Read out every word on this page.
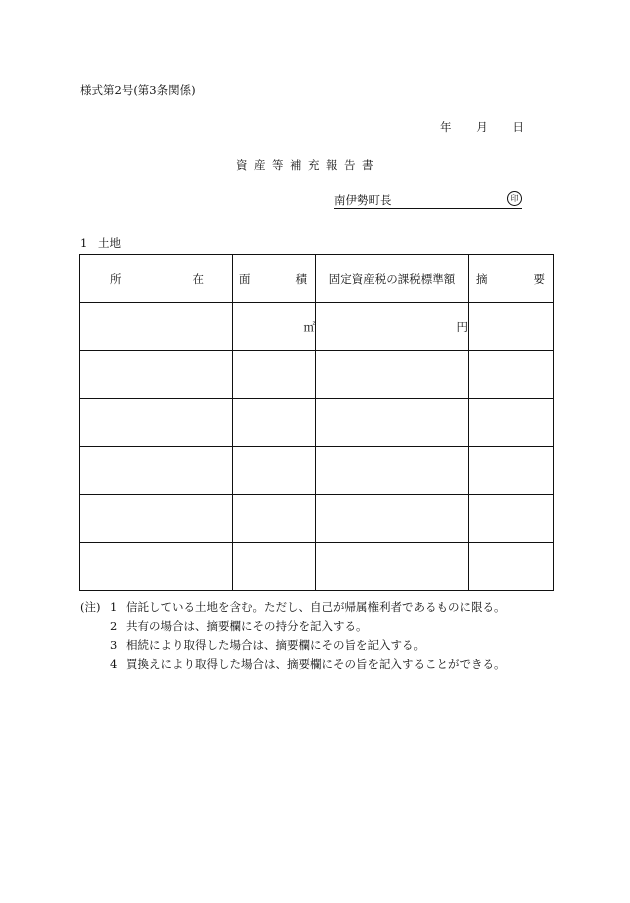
様式第2号(第3条関係)
年 月 日
資産等補充報告書
南伊勢町長	印
1 土地
所 在	面 積	固定資産税の課税標準額	摘 要

	㎡	円	

(注) 1 信託している土地を含む。ただし、自己が帰属権利者であるものに限る。
2 共有の場合は、摘要欄にその持分を記入する。
3 相続により取得した場合は、摘要欄にその旨を記入する。
4 買換えにより取得した場合は、摘要欄にその旨を記入することができる。
